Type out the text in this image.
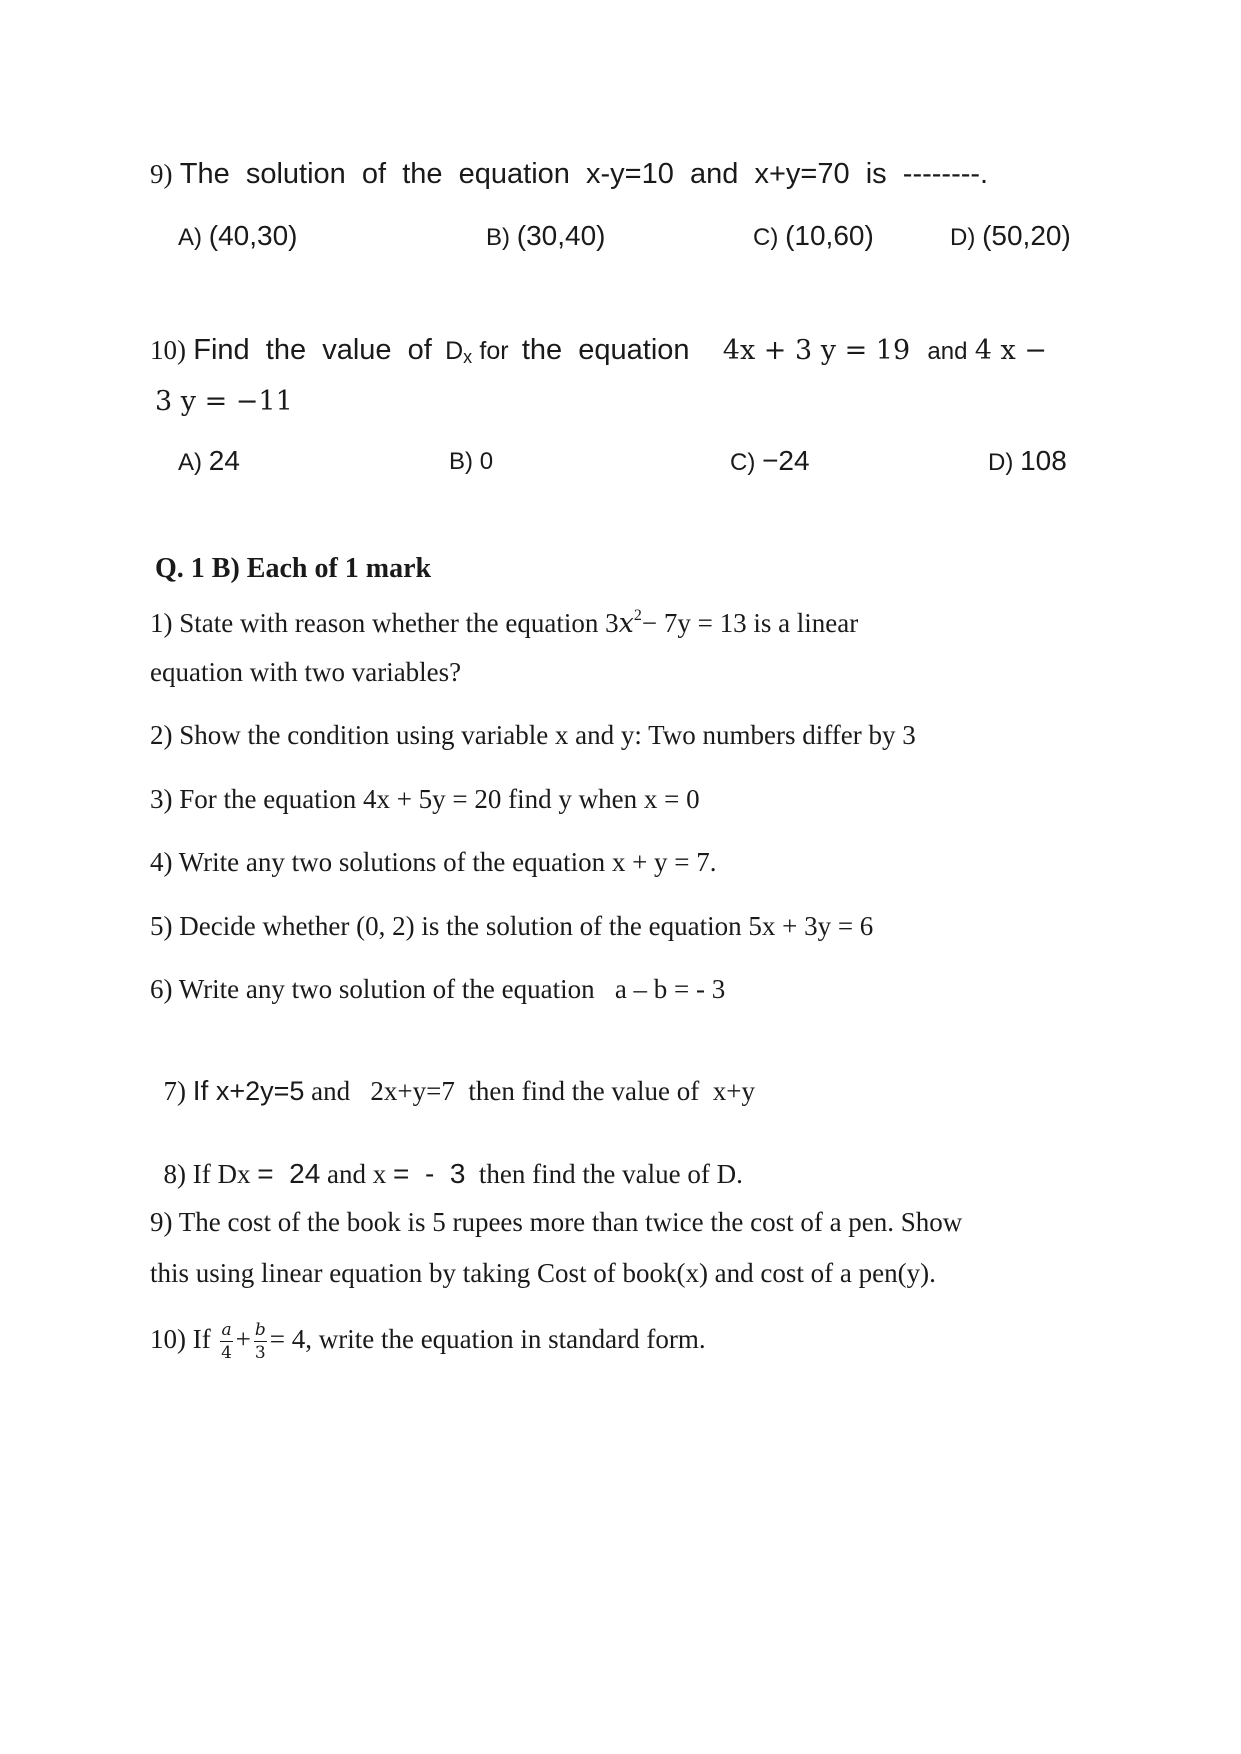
9) The  solution  of  the  equation  x-y=10  and  x+y=70  is  --------.
A) (40,30)	B) (30,40)	C) (10,60)	D) (50,20)
10) Find  the  value  of Dx for the  equation 4x + 3 y = 19 and 4 x −
3 y = −11
A) 24	B) 0	C) −24	D) 108
Q. 1 B) Each of 1 mark
1) State with reason whether the equation $3x^2- 7y = 13$ is a linear
equation with two variables?
2) Show the condition using variable x and y: Two numbers differ by 3
3) For the equation 4x + 5y = 20 find y when x = 0
4) Write any two solutions of the equation x + y = 7.
5) Decide whether (0, 2) is the solution of the equation 5x + 3y = 6
6) Write any two solution of the equation   a – b = - 3

7) If x+2y=5 and   2x+y=7  then find the value of  x+y

8) If Dx =  24 and x =  -  3  then find the value of D.

9) The cost of the book is 5 rupees more than twice the cost of a pen. Show
this using linear equation by taking Cost of book(x) and cost of a pen(y).
10) If $\frac{a}{4} + \frac{b}{3} = 4$, write the equation in standard form.
